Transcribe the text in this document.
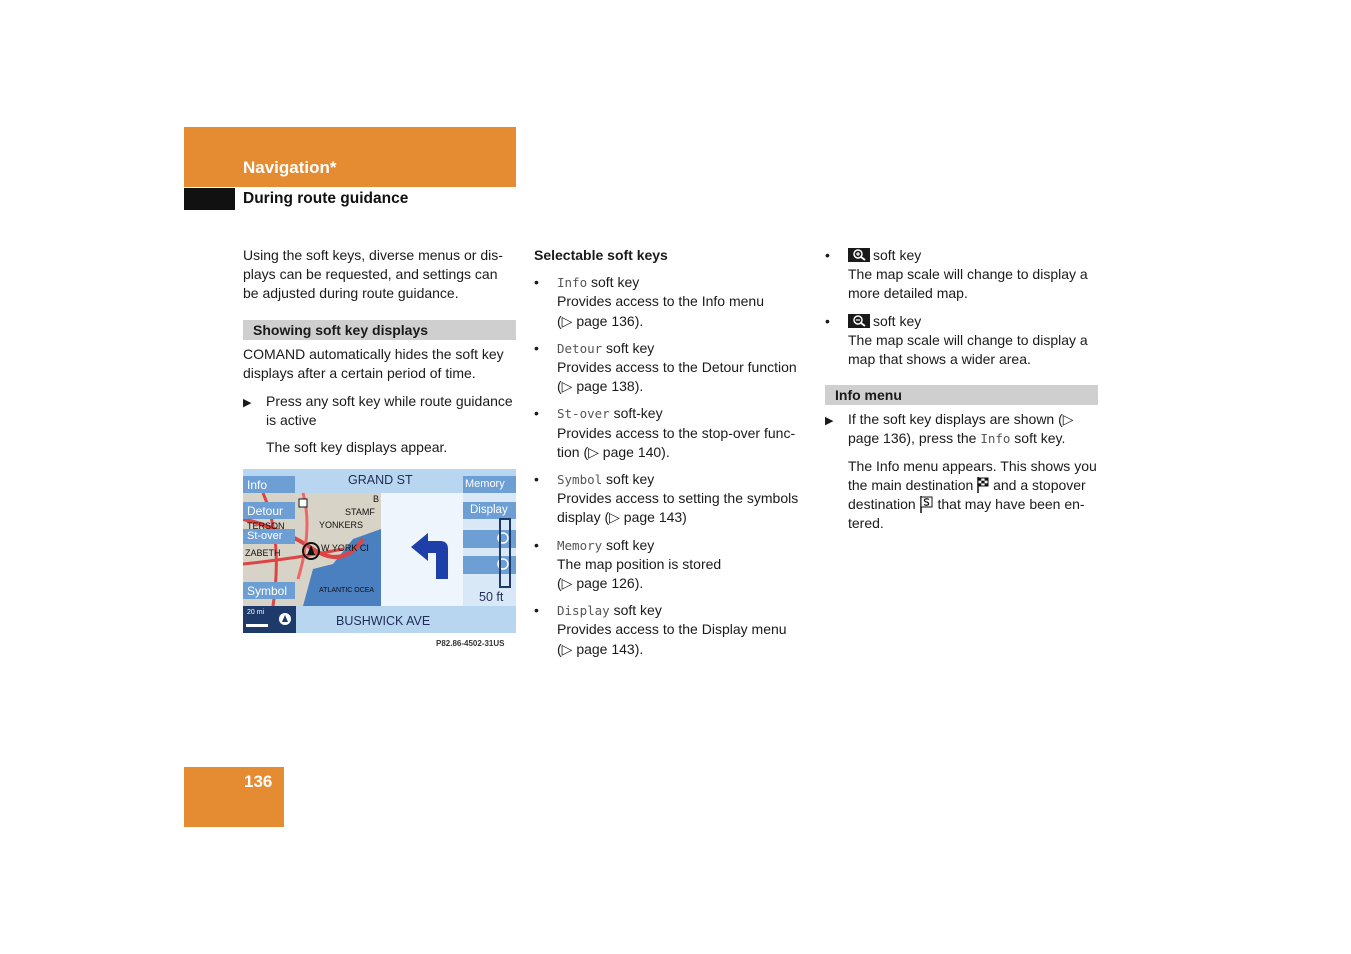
Navigation*
During route guidance

Using the soft keys, diverse menus or dis-plays can be requested, and settings can be adjusted during route guidance.

Showing soft key displays

COMAND automatically hides the soft key displays after a certain period of time.

▶	Press any soft key while route guidance is active

The soft key displays appear.

Info
Detour
St-over
Symbol
Memory
Display
GRAND ST
BUSHWICK AVE
50 ft
20 mi
STAMF
B
TERSON	YONKERS
W YORK CI
ZABETH
ATLANTIC OCEA
P82.86-4502-31US

Selectable soft keys

•	Info soft key
Provides access to the Info menu
(▷ page 136).
•	Detour soft key
Provides access to the Detour function
(▷ page 138).
•	St-over soft-key
Provides access to the stop-over func-tion (▷ page 140).
•	Symbol soft key
Provides access to setting the symbols display (▷ page 143)
•	Memory soft key
The map position is stored
(▷ page 126).
•	Display soft key
Provides access to the Display menu
(▷ page 143).
•	soft key
The map scale will change to display a more detailed map.
•	soft key
The map scale will change to display a map that shows a wider area.
Info menu
▶	If the soft key displays are shown (▷ page 136), press the Info soft key.

The Info menu appears. This shows you the main destination  and a stopover destination  that may have been en-tered.

136
